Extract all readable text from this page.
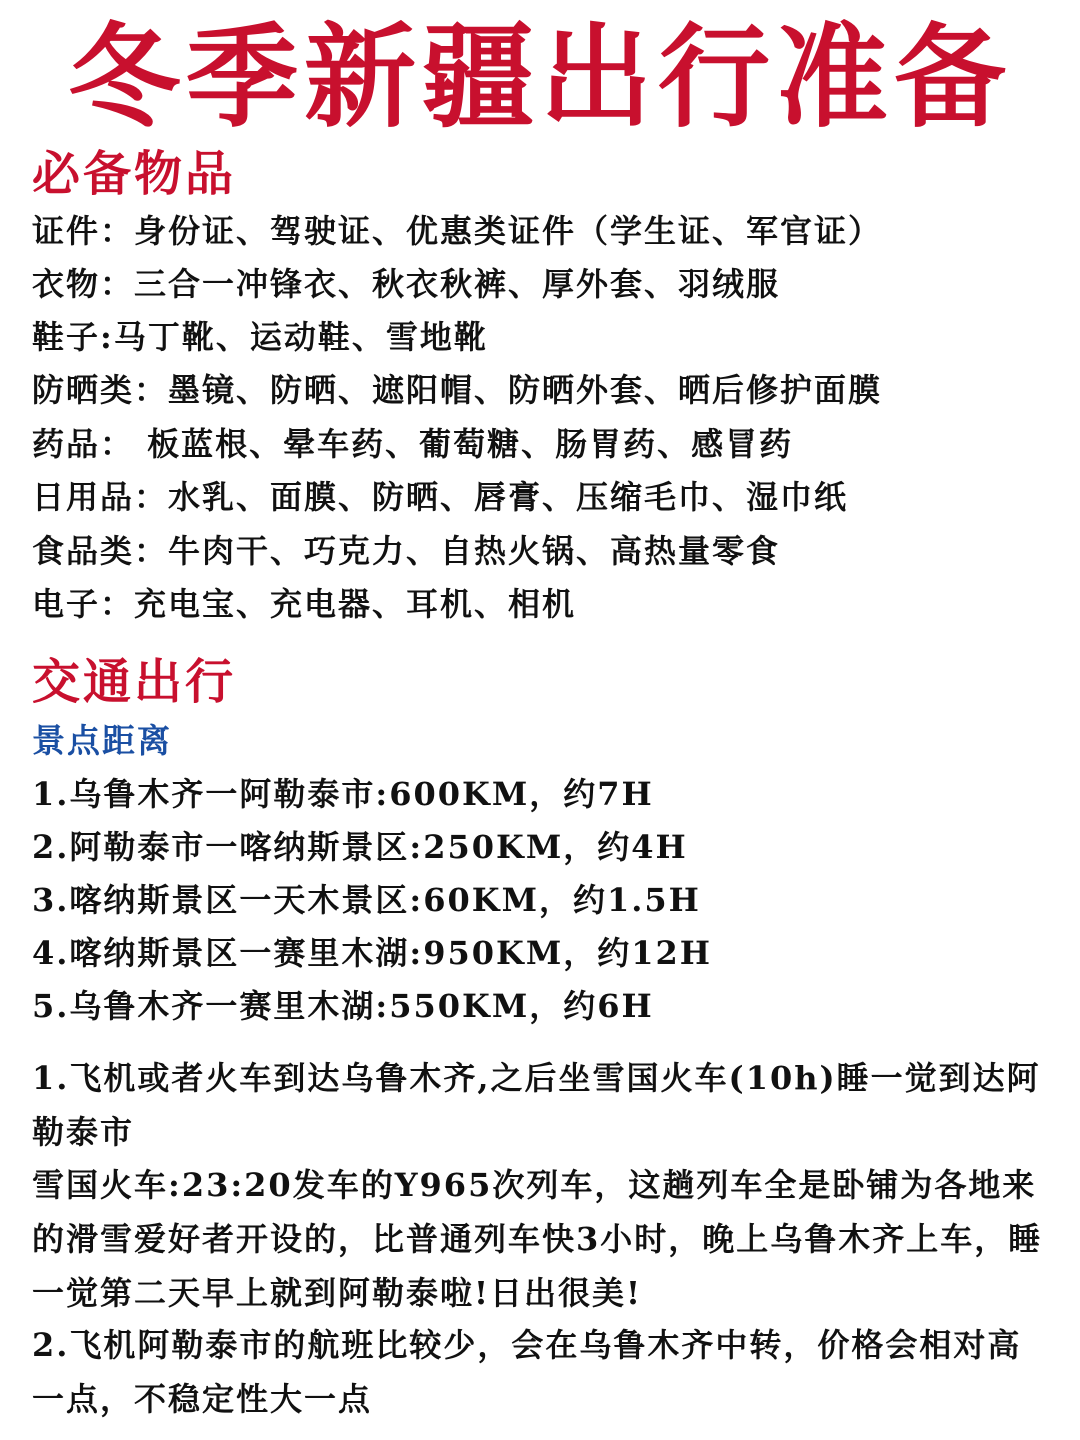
冬季新疆出行准备
必备物品
证件：身份证、驾驶证、优惠类证件（学生证、军官证）
衣物：三合一冲锋衣、秋衣秋裤、厚外套、羽绒服
鞋子:马丁靴、运动鞋、雪地靴
防晒类：墨镜、防晒、遮阳帽、防晒外套、晒后修护面膜
药品： 板蓝根、晕车药、葡萄糖、肠胃药、感冒药
日用品：水乳、面膜、防晒、唇膏、压缩毛巾、湿巾纸
食品类：牛肉干、巧克力、自热火锅、高热量零食
电子：充电宝、充电器、耳机、相机
交通出行
景点距离
1.乌鲁木齐一阿勒泰市:600KM，约7H
2.阿勒泰市一喀纳斯景区:250KM，约4H
3.喀纳斯景区一天木景区:60KM，约1.5H
4.喀纳斯景区一赛里木湖:950KM，约12H
5.乌鲁木齐一赛里木湖:550KM，约6H

1.飞机或者火车到达乌鲁木齐,之后坐雪国火车(10h)睡一觉到达阿勒泰市

雪国火车:23:20发车的Y965次列车，这趟列车全是卧铺为各地来的滑雪爱好者开设的，比普通列车快3小时，晚上乌鲁木齐上车，睡一觉第二天早上就到阿勒泰啦!日出很美!

2.飞机阿勒泰市的航班比较少，会在乌鲁木齐中转，价格会相对高一点，不稳定性大一点
